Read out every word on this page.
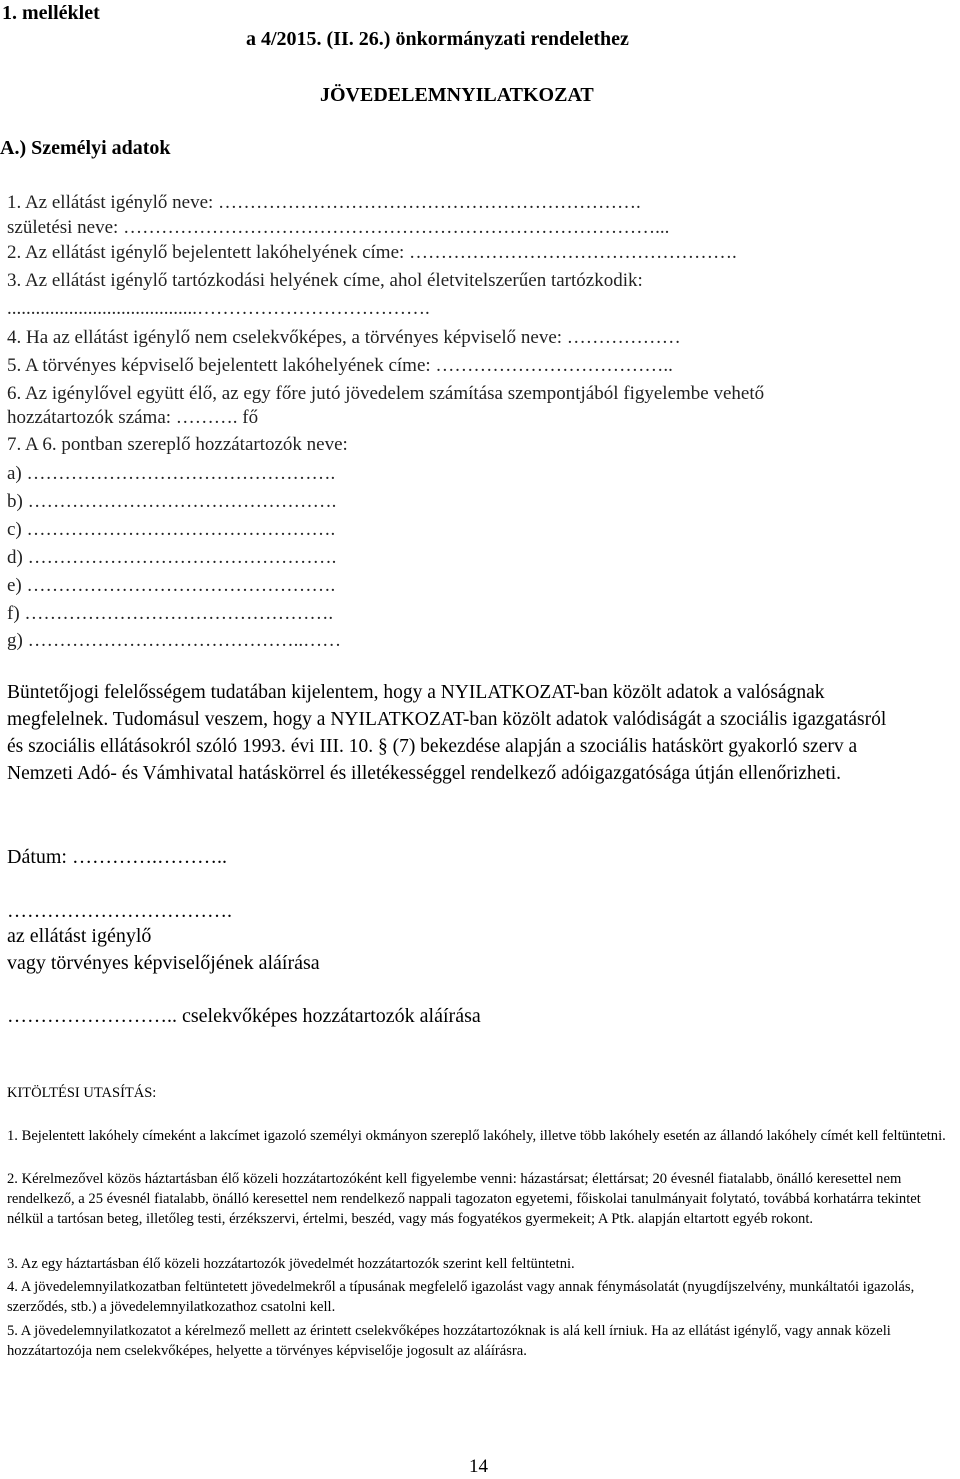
1. melléklet
a 4/2015. (II. 26.) önkormányzati rendelethez
JÖVEDELEMNYILATKOZAT
A.) Személyi adatok
1. Az ellátást igénylő neve: ………………………………………………………….
születési neve: …………………………………………………………………………...
2. Az ellátást igénylő bejelentett lakóhelyének címe: …………………………………………….
3. Az ellátást igénylő tartózkodási helyének címe, ahol életvitelszerűen tartózkodik:
........................................……………………………….
4. Ha az ellátást igénylő nem cselekvőképes, a törvényes képviselő neve: ………………
5. A törvényes képviselő bejelentett lakóhelyének címe: ………………………………..
6. Az igénylővel együtt élő, az egy főre jutó jövedelem számítása szempontjából figyelembe vehető
hozzátartozók száma: ………. fő
7. A 6. pontban szereplő hozzátartozók neve:
a) ………………………………………….
b) ………………………………………….
c) ………………………………………….
d) ………………………………………….
e) ………………………………………….
f) ………………………………………….
g) ……………………………………..……
Büntetőjogi felelősségem tudatában kijelentem, hogy a NYILATKOZAT-ban közölt adatok a valóságnak megfelelnek. Tudomásul veszem, hogy a NYILATKOZAT-ban közölt adatok valódiságát a szociális igazgatásról és szociális ellátásokról szóló 1993. évi III. 10. § (7) bekezdése alapján a szociális hatáskört gyakorló szerv a Nemzeti Adó- és Vámhivatal hatáskörrel és illetékességgel rendelkező adóigazgatósága útján ellenőrizheti.
Dátum: ………….………..
…………………………….
az ellátást igénylő
vagy törvényes képviselőjének aláírása
…………………….. cselekvőképes hozzátartozók aláírása
KITÖLTÉSI UTASÍTÁS:
1. Bejelentett lakóhely címeként a lakcímet igazoló személyi okmányon szereplő lakóhely, illetve több lakóhely esetén az állandó lakóhely címét kell feltüntetni.
2. Kérelmezővel közös háztartásban élő közeli hozzátartozóként kell figyelembe venni: házastársat; élettársat; 20 évesnél fiatalabb, önálló keresettel nem rendelkező, a 25 évesnél fiatalabb, önálló keresettel nem rendelkező nappali tagozaton egyetemi, főiskolai tanulmányait folytató, továbbá korhatárra tekintet nélkül a tartósan beteg, illetőleg testi, érzékszervi, értelmi, beszéd, vagy más fogyatékos gyermekeit; A Ptk. alapján eltartott egyéb rokont.
3. Az egy háztartásban élő közeli hozzátartozók jövedelmét hozzátartozók szerint kell feltüntetni.
4. A jövedelemnyilatkozatban feltüntetett jövedelmekről a típusának megfelelő igazolást vagy annak fénymásolatát (nyugdíjszelvény, munkáltatói igazolás, szerződés, stb.) a jövedelemnyilatkozathoz csatolni kell.
5. A jövedelemnyilatkozatot a kérelmező mellett az érintett cselekvőképes hozzátartozóknak is alá kell írniuk. Ha az ellátást igénylő, vagy annak közeli hozzátartozója nem cselekvőképes, helyette a törvényes képviselője jogosult az aláírásra.
14
